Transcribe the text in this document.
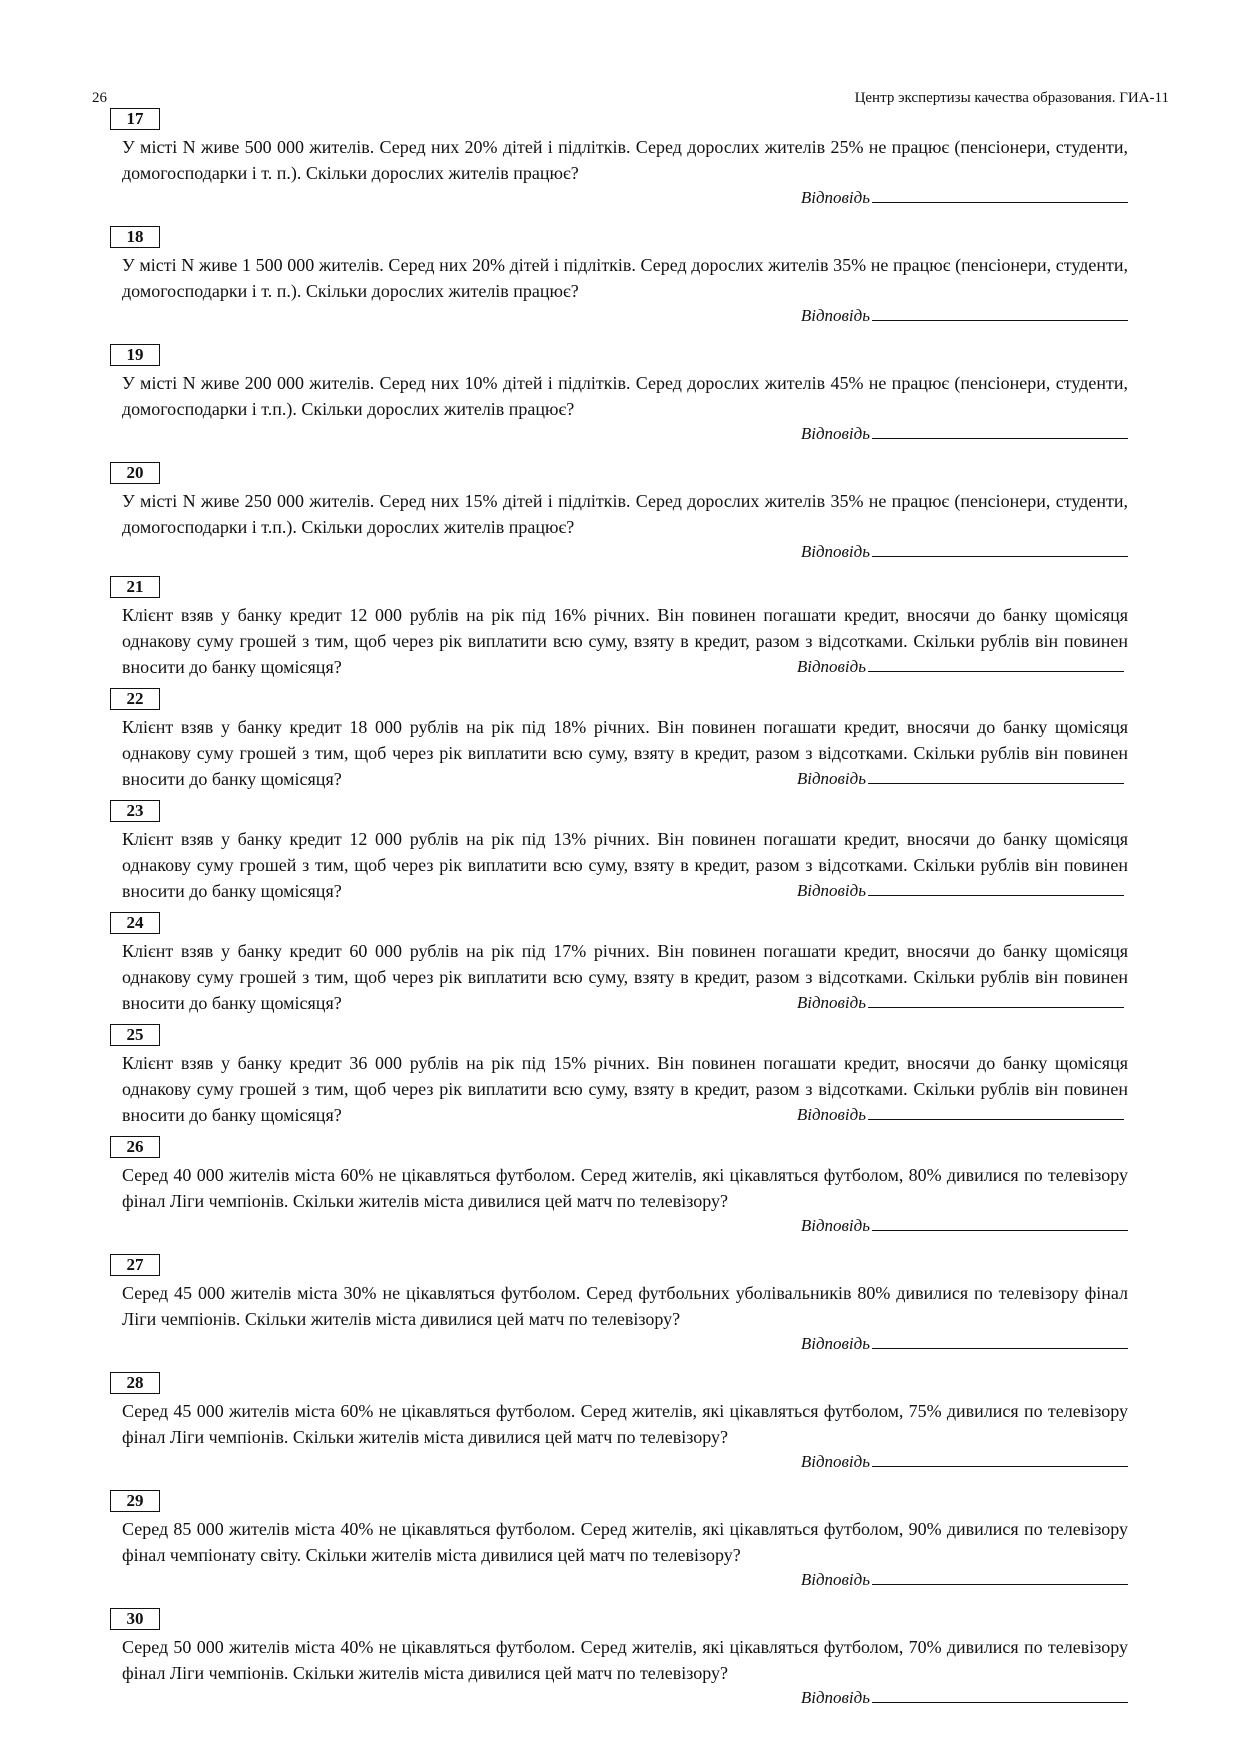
26	Центр экспертизы качества образования. ГИА-11
17

У місті N живе 500 000 жителів. Серед них 20% дітей і підлітків. Серед дорослих жителів 25% не працює (пенсіонери, студенти, домогосподарки і т. п.). Скільки дорослих жителів працює?

Відповідь
18

У місті N живе 1 500 000 жителів. Серед них 20% дітей і підлітків. Серед дорослих жителів 35% не працює (пенсіонери, студенти, домогосподарки і т. п.). Скільки дорослих жителів працює?

Відповідь
19

У місті N живе 200 000 жителів. Серед них 10% дітей і підлітків. Серед дорослих жителів 45% не працює (пенсіонери, студенти, домогосподарки і т.п.). Скільки дорослих жителів працює?

Відповідь
20

У місті N живе 250 000 жителів. Серед них 15% дітей і підлітків. Серед дорослих жителів 35% не працює (пенсіонери, студенти, домогосподарки і т.п.). Скільки дорослих жителів працює?

Відповідь
21

Клієнт взяв у банку кредит 12 000 рублів на рік під 16% річних. Він повинен погашати кредит, вносячи до банку щомісяця однакову суму грошей з тим, щоб через рік виплатити всю суму, взяту в кредит, разом з відсотками. Скільки рублів він повинен вносити до банку щомісяця?	Відповідь
22

Клієнт взяв у банку кредит 18 000 рублів на рік під 18% річних. Він повинен погашати кредит, вносячи до банку щомісяця однакову суму грошей з тим, щоб через рік виплатити всю суму, взяту в кредит, разом з відсотками. Скільки рублів він повинен вносити до банку щомісяця?	Відповідь
23

Клієнт взяв у банку кредит 12 000 рублів на рік під 13% річних. Він повинен погашати кредит, вносячи до банку щомісяця однакову суму грошей з тим, щоб через рік виплатити всю суму, взяту в кредит, разом з відсотками. Скільки рублів він повинен вносити до банку щомісяця?	Відповідь
24

Клієнт взяв у банку кредит 60 000 рублів на рік під 17% річних. Він повинен погашати кредит, вносячи до банку щомісяця однакову суму грошей з тим, щоб через рік виплатити всю суму, взяту в кредит, разом з відсотками. Скільки рублів він повинен вносити до банку щомісяця?	Відповідь
25

Клієнт взяв у банку кредит 36 000 рублів на рік під 15% річних. Він повинен погашати кредит, вносячи до банку щомісяця однакову суму грошей з тим, щоб через рік виплатити всю суму, взяту в кредит, разом з відсотками. Скільки рублів він повинен вносити до банку щомісяця?	Відповідь
26

Серед 40 000 жителів міста 60% не цікавляться футболом. Серед жителів, які цікавляться футболом, 80% дивилися по телевізору фінал Ліги чемпіонів. Скільки жителів міста дивилися цей матч по телевізору?

Відповідь
27

Серед 45 000 жителів міста 30% не цікавляться футболом. Серед футбольних уболівальників 80% дивилися по телевізору фінал Ліги чемпіонів. Скільки жителів міста дивилися цей матч по телевізору?

Відповідь
28

Серед 45 000 жителів міста 60% не цікавляться футболом. Серед жителів, які цікавляться футболом, 75% дивилися по телевізору фінал Ліги чемпіонів. Скільки жителів міста дивилися цей матч по телевізору?

Відповідь
29

Серед 85 000 жителів міста 40% не цікавляться футболом. Серед жителів, які цікавляться футболом, 90% дивилися по телевізору фінал чемпіонату світу. Скільки жителів міста дивилися цей матч по телевізору?

Відповідь
30

Серед 50 000 жителів міста 40% не цікавляться футболом. Серед жителів, які цікавляться футболом, 70% дивилися по телевізору фінал Ліги чемпіонів. Скільки жителів міста дивилися цей матч по телевізору?

Відповідь
